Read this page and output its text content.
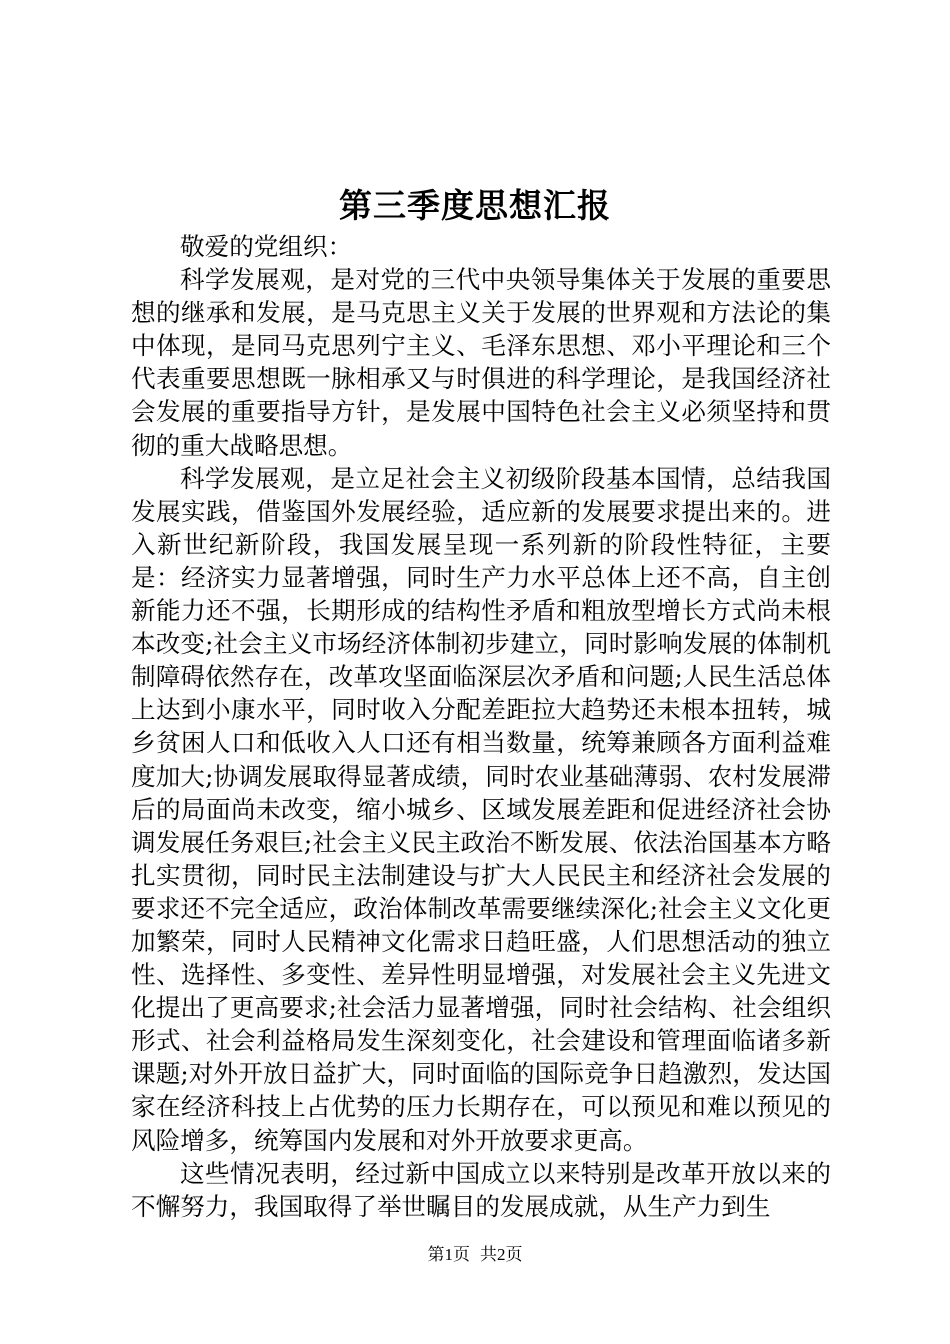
第三季度思想汇报

敬爱的党组织：

科学发展观，是对党的三代中央领导集体关于发展的重要思想的继承和发展，是马克思主义关于发展的世界观和方法论的集中体现，是同马克思列宁主义、毛泽东思想、邓小平理论和三个代表重要思想既一脉相承又与时俱进的科学理论，是我国经济社会发展的重要指导方针，是发展中国特色社会主义必须坚持和贯彻的重大战略思想。

科学发展观，是立足社会主义初级阶段基本国情，总结我国发展实践，借鉴国外发展经验，适应新的发展要求提出来的。进入新世纪新阶段，我国发展呈现一系列新的阶段性特征，主要是：经济实力显著增强，同时生产力水平总体上还不高，自主创新能力还不强，长期形成的结构性矛盾和粗放型增长方式尚未根本改变;社会主义市场经济体制初步建立，同时影响发展的体制机制障碍依然存在，改革攻坚面临深层次矛盾和问题;人民生活总体上达到小康水平，同时收入分配差距拉大趋势还未根本扭转，城乡贫困人口和低收入人口还有相当数量，统筹兼顾各方面利益难度加大;协调发展取得显著成绩，同时农业基础薄弱、农村发展滞后的局面尚未改变，缩小城乡、区域发展差距和促进经济社会协调发展任务艰巨;社会主义民主政治不断发展、依法治国基本方略扎实贯彻，同时民主法制建设与扩大人民民主和经济社会发展的要求还不完全适应，政治体制改革需要继续深化;社会主义文化更加繁荣，同时人民精神文化需求日趋旺盛，人们思想活动的独立性、选择性、多变性、差异性明显增强，对发展社会主义先进文化提出了更高要求;社会活力显著增强，同时社会结构、社会组织形式、社会利益格局发生深刻变化，社会建设和管理面临诸多新课题;对外开放日益扩大，同时面临的国际竞争日趋激烈，发达国家在经济科技上占优势的压力长期存在，可以预见和难以预见的风险增多，统筹国内发展和对外开放要求更高。

这些情况表明，经过新中国成立以来特别是改革开放以来的不懈努力，我国取得了举世瞩目的发展成就，从生产力到生

第1页 共2页
